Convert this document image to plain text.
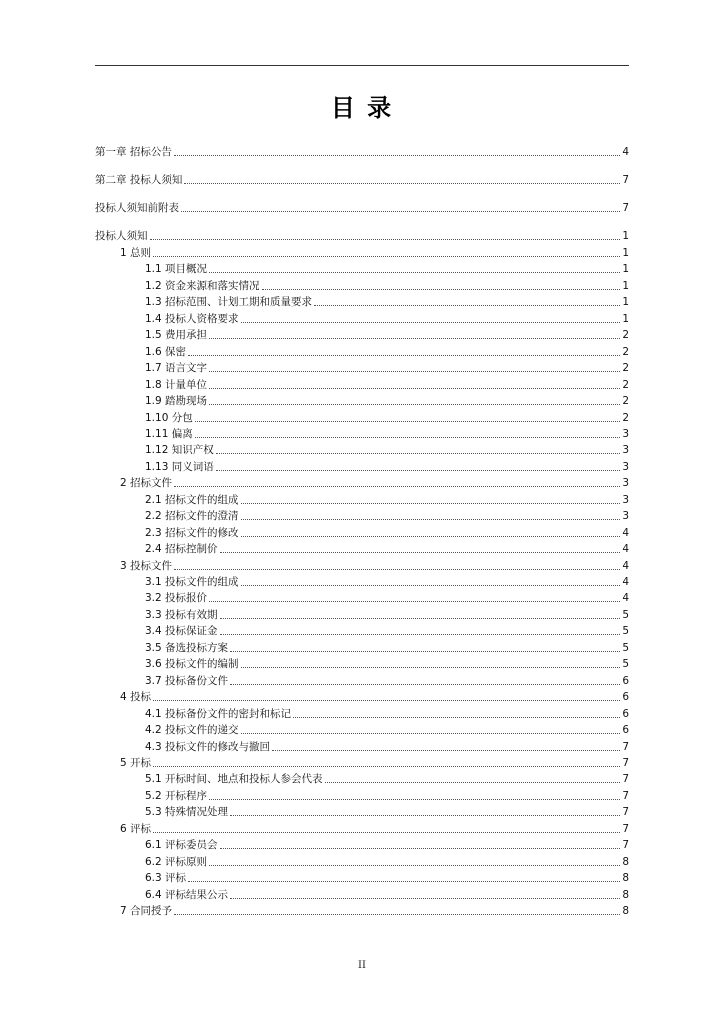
目 录
第一章 招标公告	4
第二章 投标人须知	7
投标人须知前附表	7
投标人须知	1
1 总则	1
1.1 项目概况	1
1.2 资金来源和落实情况	1
1.3 招标范围、计划工期和质量要求	1
1.4 投标人资格要求	1
1.5 费用承担	2
1.6 保密	2
1.7 语言文字	2
1.8 计量单位	2
1.9 踏勘现场	2
1.10 分包	2
1.11 偏离	3
1.12 知识产权	3
1.13 同义词语	3
2 招标文件	3
2.1 招标文件的组成	3
2.2 招标文件的澄清	3
2.3 招标文件的修改	4
2.4 招标控制价	4
3 投标文件	4
3.1 投标文件的组成	4
3.2 投标报价	4
3.3 投标有效期	5
3.4 投标保证金	5
3.5 备选投标方案	5
3.6 投标文件的编制	5
3.7 投标备份文件	6
4 投标	6
4.1 投标备份文件的密封和标记	6
4.2 投标文件的递交	6
4.3 投标文件的修改与撤回	7
5 开标	7
5.1 开标时间、地点和投标人参会代表	7
5.2 开标程序	7
5.3 特殊情况处理	7
6 评标	7
6.1 评标委员会	7
6.2 评标原则	8
6.3 评标	8
6.4 评标结果公示	8
7 合同授予	8
II
